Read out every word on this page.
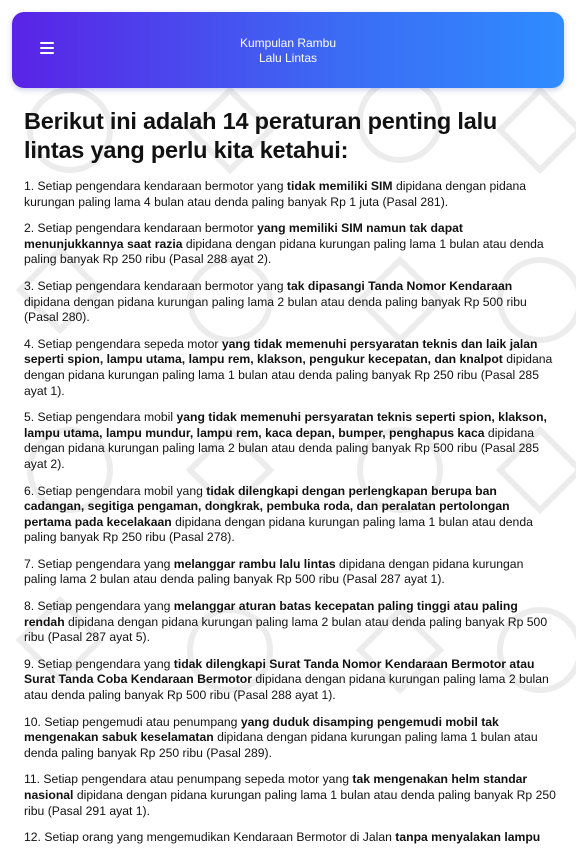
Kumpulan Rambu
Lalu Lintas
Berikut ini adalah 14 peraturan penting lalu lintas yang perlu kita ketahui:

1. Setiap pengendara kendaraan bermotor yang tidak memiliki SIM dipidana dengan pidana kurungan paling lama 4 bulan atau denda paling banyak Rp 1 juta (Pasal 281).

2. Setiap pengendara kendaraan bermotor yang memiliki SIM namun tak dapat menunjukkannya saat razia dipidana dengan pidana kurungan paling lama 1 bulan atau denda paling banyak Rp 250 ribu (Pasal 288 ayat 2).

3. Setiap pengendara kendaraan bermotor yang tak dipasangi Tanda Nomor Kendaraan dipidana dengan pidana kurungan paling lama 2 bulan atau denda paling banyak Rp 500 ribu (Pasal 280).

4. Setiap pengendara sepeda motor yang tidak memenuhi persyaratan teknis dan laik jalan seperti spion, lampu utama, lampu rem, klakson, pengukur kecepatan, dan knalpot dipidana dengan pidana kurungan paling lama 1 bulan atau denda paling banyak Rp 250 ribu (Pasal 285 ayat 1).

5. Setiap pengendara mobil yang tidak memenuhi persyaratan teknis seperti spion, klakson, lampu utama, lampu mundur, lampu rem, kaca depan, bumper, penghapus kaca dipidana dengan pidana kurungan paling lama 2 bulan atau denda paling banyak Rp 500 ribu (Pasal 285 ayat 2).

6. Setiap pengendara mobil yang tidak dilengkapi dengan perlengkapan berupa ban cadangan, segitiga pengaman, dongkrak, pembuka roda, dan peralatan pertolongan pertama pada kecelakaan dipidana dengan pidana kurungan paling lama 1 bulan atau denda paling banyak Rp 250 ribu (Pasal 278).

7. Setiap pengendara yang melanggar rambu lalu lintas dipidana dengan pidana kurungan paling lama 2 bulan atau denda paling banyak Rp 500 ribu (Pasal 287 ayat 1).

8. Setiap pengendara yang melanggar aturan batas kecepatan paling tinggi atau paling rendah dipidana dengan pidana kurungan paling lama 2 bulan atau denda paling banyak Rp 500 ribu (Pasal 287 ayat 5).

9. Setiap pengendara yang tidak dilengkapi Surat Tanda Nomor Kendaraan Bermotor atau Surat Tanda Coba Kendaraan Bermotor dipidana dengan pidana kurungan paling lama 2 bulan atau denda paling banyak Rp 500 ribu (Pasal 288 ayat 1).

10. Setiap pengemudi atau penumpang yang duduk disamping pengemudi mobil tak mengenakan sabuk keselamatan dipidana dengan pidana kurungan paling lama 1 bulan atau denda paling banyak Rp 250 ribu (Pasal 289).

11. Setiap pengendara atau penumpang sepeda motor yang tak mengenakan helm standar nasional dipidana dengan pidana kurungan paling lama 1 bulan atau denda paling banyak Rp 250 ribu (Pasal 291 ayat 1).

12. Setiap orang yang mengemudikan Kendaraan Bermotor di Jalan tanpa menyalakan lampu
